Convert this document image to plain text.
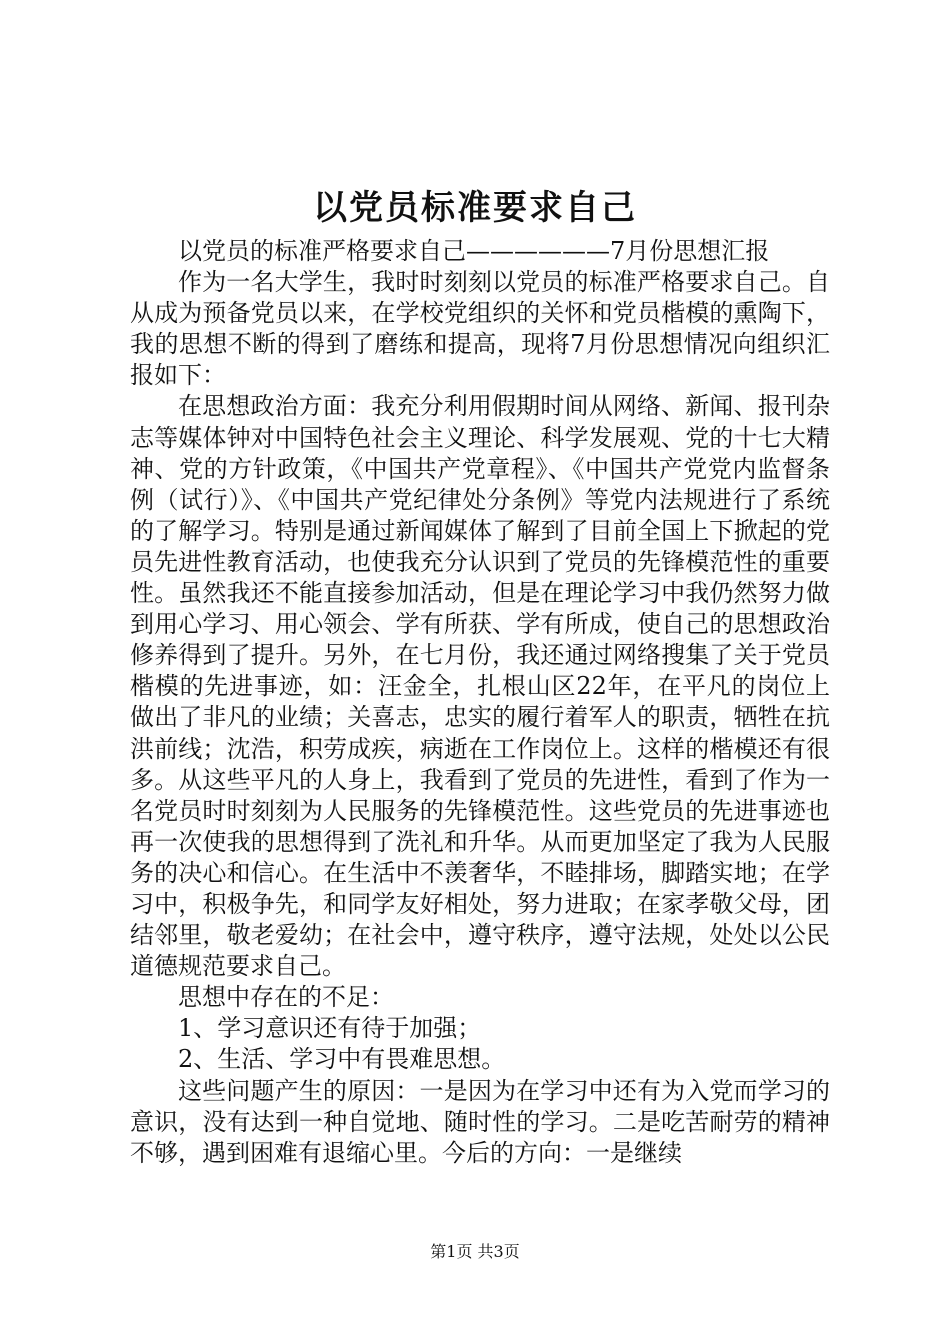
以党员标准要求自己

以党员的标准严格要求自己——————7月份思想汇报

作为一名大学生，我时时刻刻以党员的标准严格要求自己。自从成为预备党员以来，在学校党组织的关怀和党员楷模的熏陶下，我的思想不断的得到了磨练和提高，现将7月份思想情况向组织汇报如下：

在思想政治方面：我充分利用假期时间从网络、新闻、报刊杂志等媒体钟对中国特色社会主义理论、科学发展观、党的十七大精神、党的方针政策，《中国共产党章程》、《中国共产党党内监督条例（试行）》、《中国共产党纪律处分条例》等党内法规进行了系统的了解学习。特别是通过新闻媒体了解到了目前全国上下掀起的党员先进性教育活动，也使我充分认识到了党员的先锋模范性的重要性。虽然我还不能直接参加活动，但是在理论学习中我仍然努力做到用心学习、用心领会、学有所获、学有所成，使自己的思想政治修养得到了提升。另外，在七月份，我还通过网络搜集了关于党员楷模的先进事迹，如：汪金全，扎根山区22年，在平凡的岗位上做出了非凡的业绩；关喜志，忠实的履行着军人的职责，牺牲在抗洪前线；沈浩，积劳成疾，病逝在工作岗位上。这样的楷模还有很多。从这些平凡的人身上，我看到了党员的先进性，看到了作为一名党员时时刻刻为人民服务的先锋模范性。这些党员的先进事迹也再一次使我的思想得到了洗礼和升华。从而更加坚定了我为人民服务的决心和信心。在生活中不羡奢华，不睦排场，脚踏实地；在学习中，积极争先，和同学友好相处，努力进取；在家孝敬父母，团结邻里，敬老爱幼；在社会中，遵守秩序，遵守法规，处处以公民道德规范要求自己。

思想中存在的不足：

1、学习意识还有待于加强；

2、生活、学习中有畏难思想。

这些问题产生的原因：一是因为在学习中还有为入党而学习的意识，没有达到一种自觉地、随时性的学习。二是吃苦耐劳的精神不够，遇到困难有退缩心里。今后的方向：一是继续

第1页 共3页
